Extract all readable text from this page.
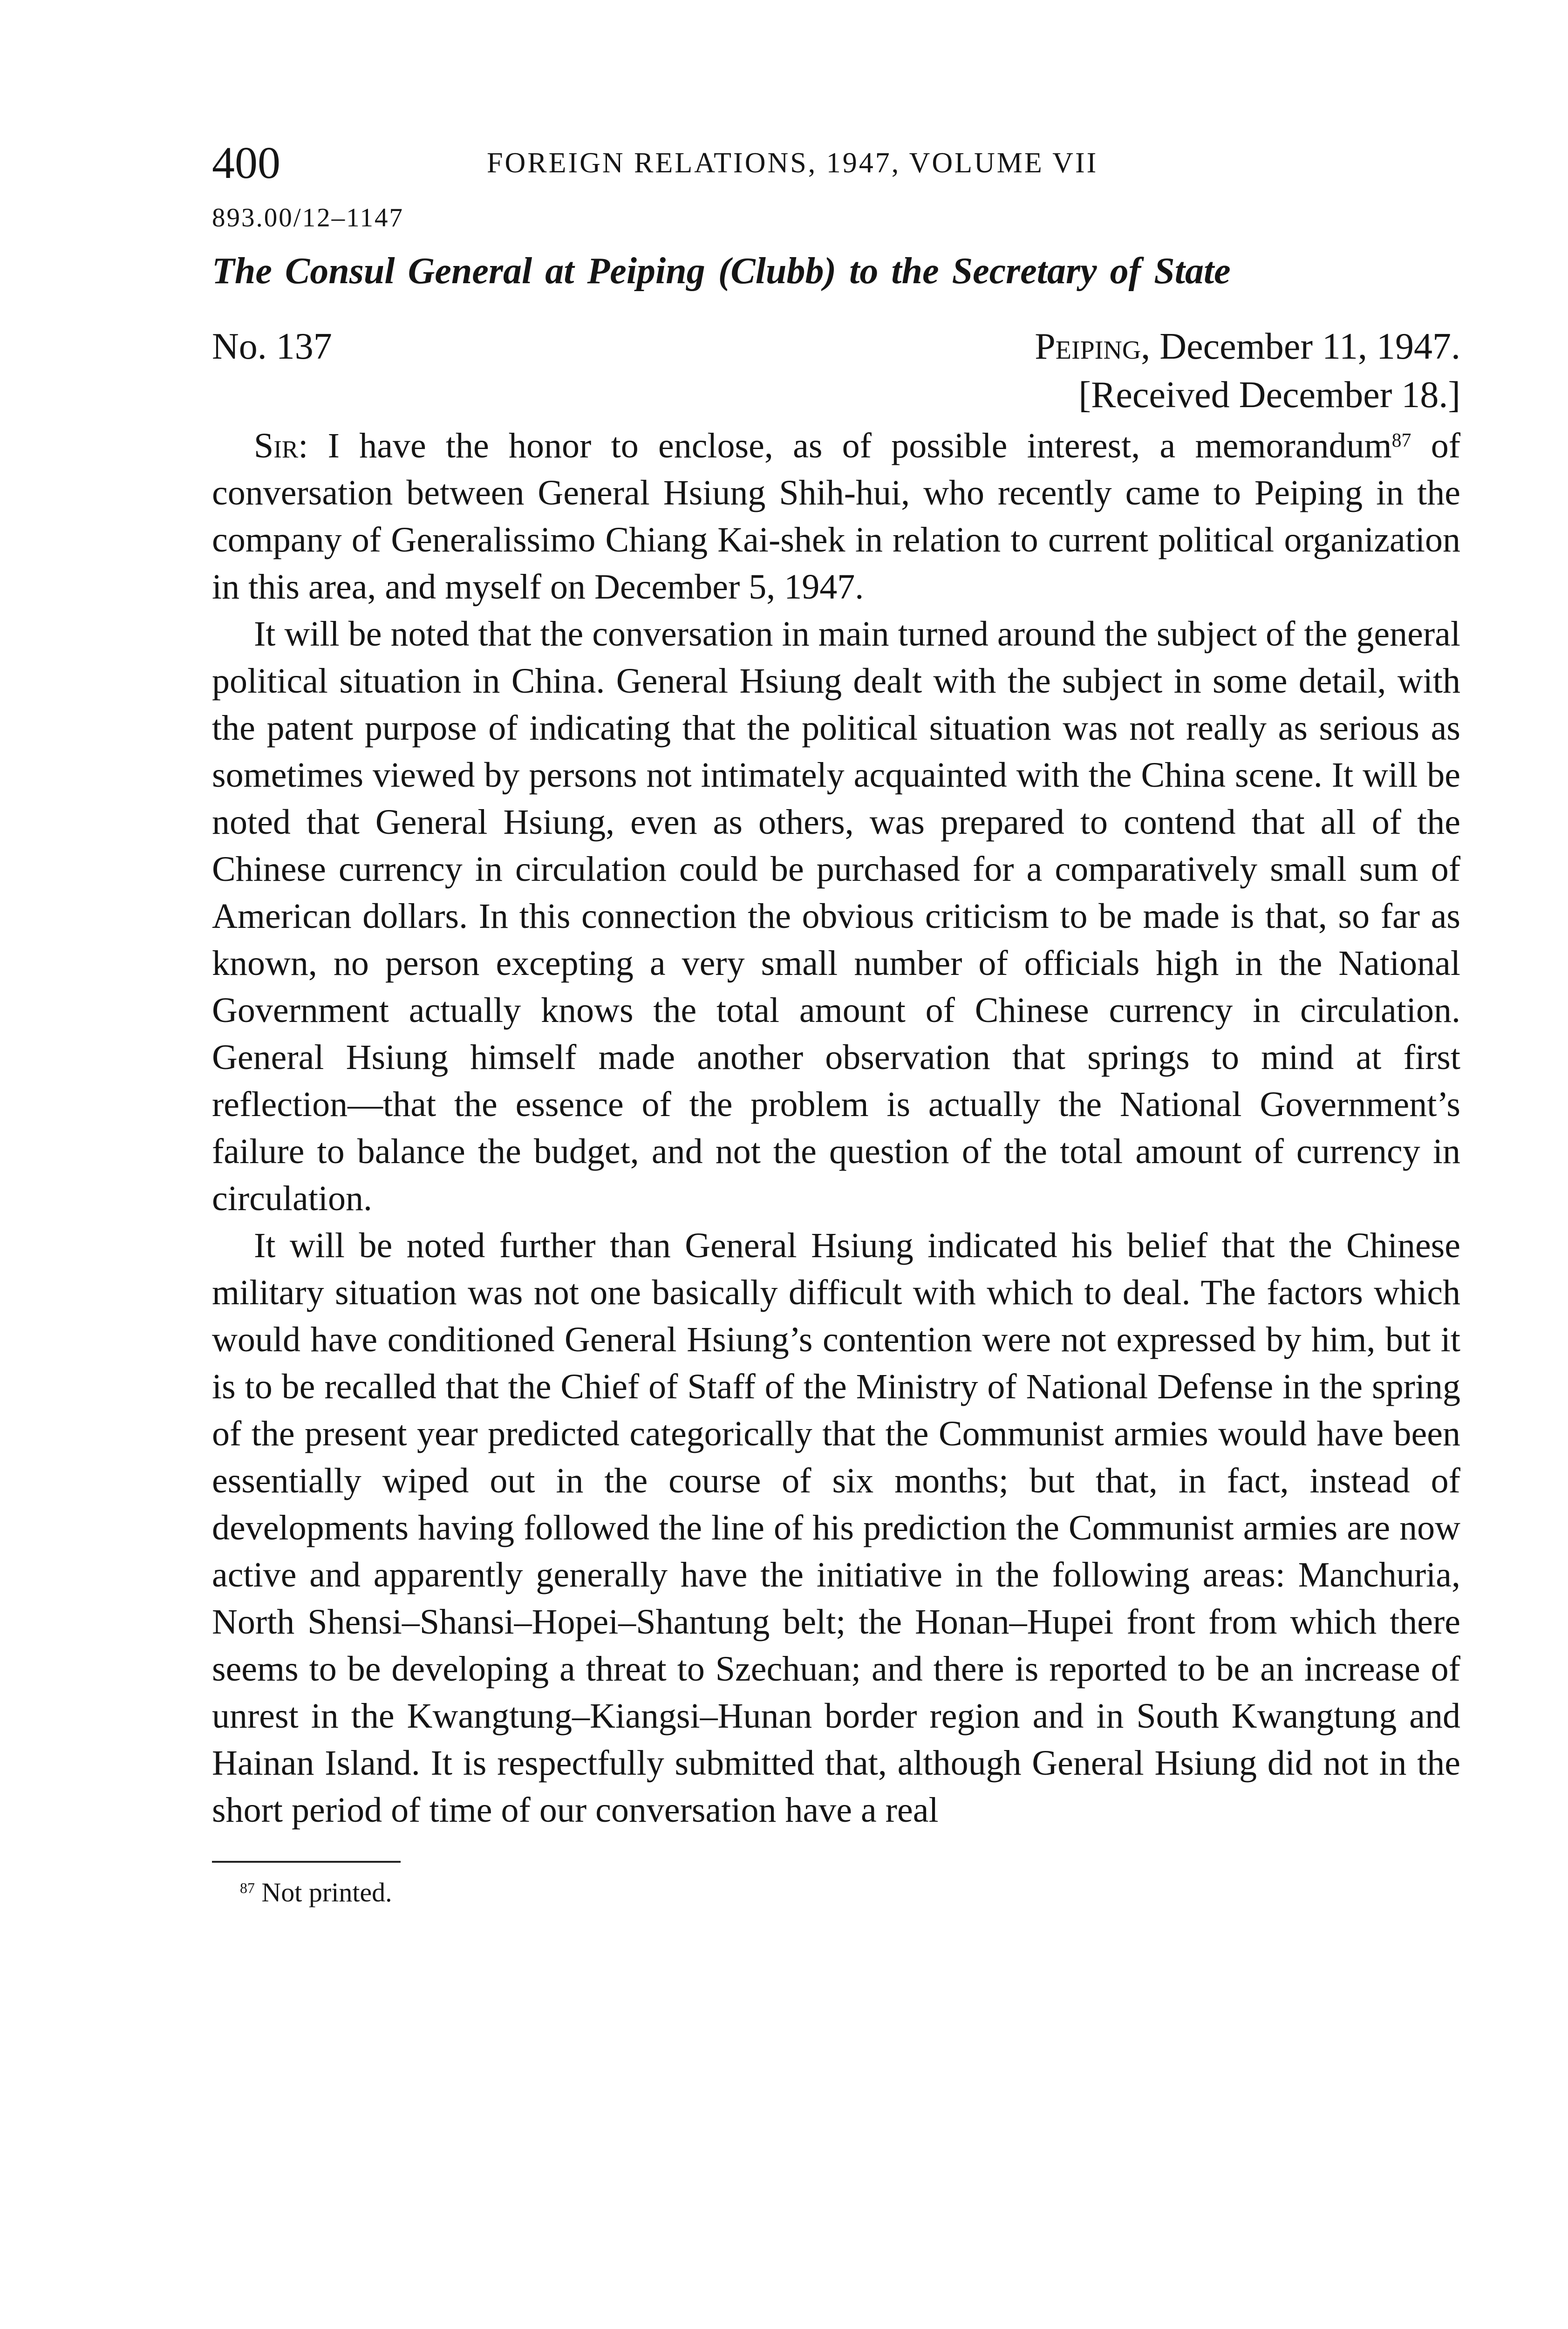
400	FOREIGN RELATIONS, 1947, VOLUME VII
893.00/12–1147
The Consul General at Peiping (Clubb) to the Secretary of State
No. 137	Peiping, December 11, 1947.
[Received December 18.]

Sir: I have the honor to enclose, as of possible interest, a memorandum$^{87}$ of conversation between General Hsiung Shih-hui, who recently came to Peiping in the company of Generalissimo Chiang Kai-shek in relation to current political organization in this area, and myself on December 5, 1947.

It will be noted that the conversation in main turned around the subject of the general political situation in China. General Hsiung dealt with the subject in some detail, with the patent purpose of indicating that the political situation was not really as serious as sometimes viewed by persons not intimately acquainted with the China scene. It will be noted that General Hsiung, even as others, was prepared to contend that all of the Chinese currency in circulation could be purchased for a comparatively small sum of American dollars. In this connection the obvious criticism to be made is that, so far as known, no person excepting a very small number of officials high in the National Government actually knows the total amount of Chinese currency in circulation. General Hsiung himself made another observation that springs to mind at first reflection—that the essence of the problem is actually the National Government’s failure to balance the budget, and not the question of the total amount of currency in circulation.

It will be noted further than General Hsiung indicated his belief that the Chinese military situation was not one basically difficult with which to deal. The factors which would have conditioned General Hsiung’s contention were not expressed by him, but it is to be recalled that the Chief of Staff of the Ministry of National Defense in the spring of the present year predicted categorically that the Communist armies would have been essentially wiped out in the course of six months; but that, in fact, instead of developments having followed the line of his prediction the Communist armies are now active and apparently generally have the initiative in the following areas: Manchuria, North Shensi–Shansi–Hopei–Shantung belt; the Honan–Hupei front from which there seems to be developing a threat to Szechuan; and there is reported to be an increase of unrest in the Kwangtung–Kiangsi–Hunan border region and in South Kwangtung and Hainan Island. It is respectfully submitted that, although General Hsiung did not in the short period of time of our conversation have a real

$^{87}$ Not printed.
